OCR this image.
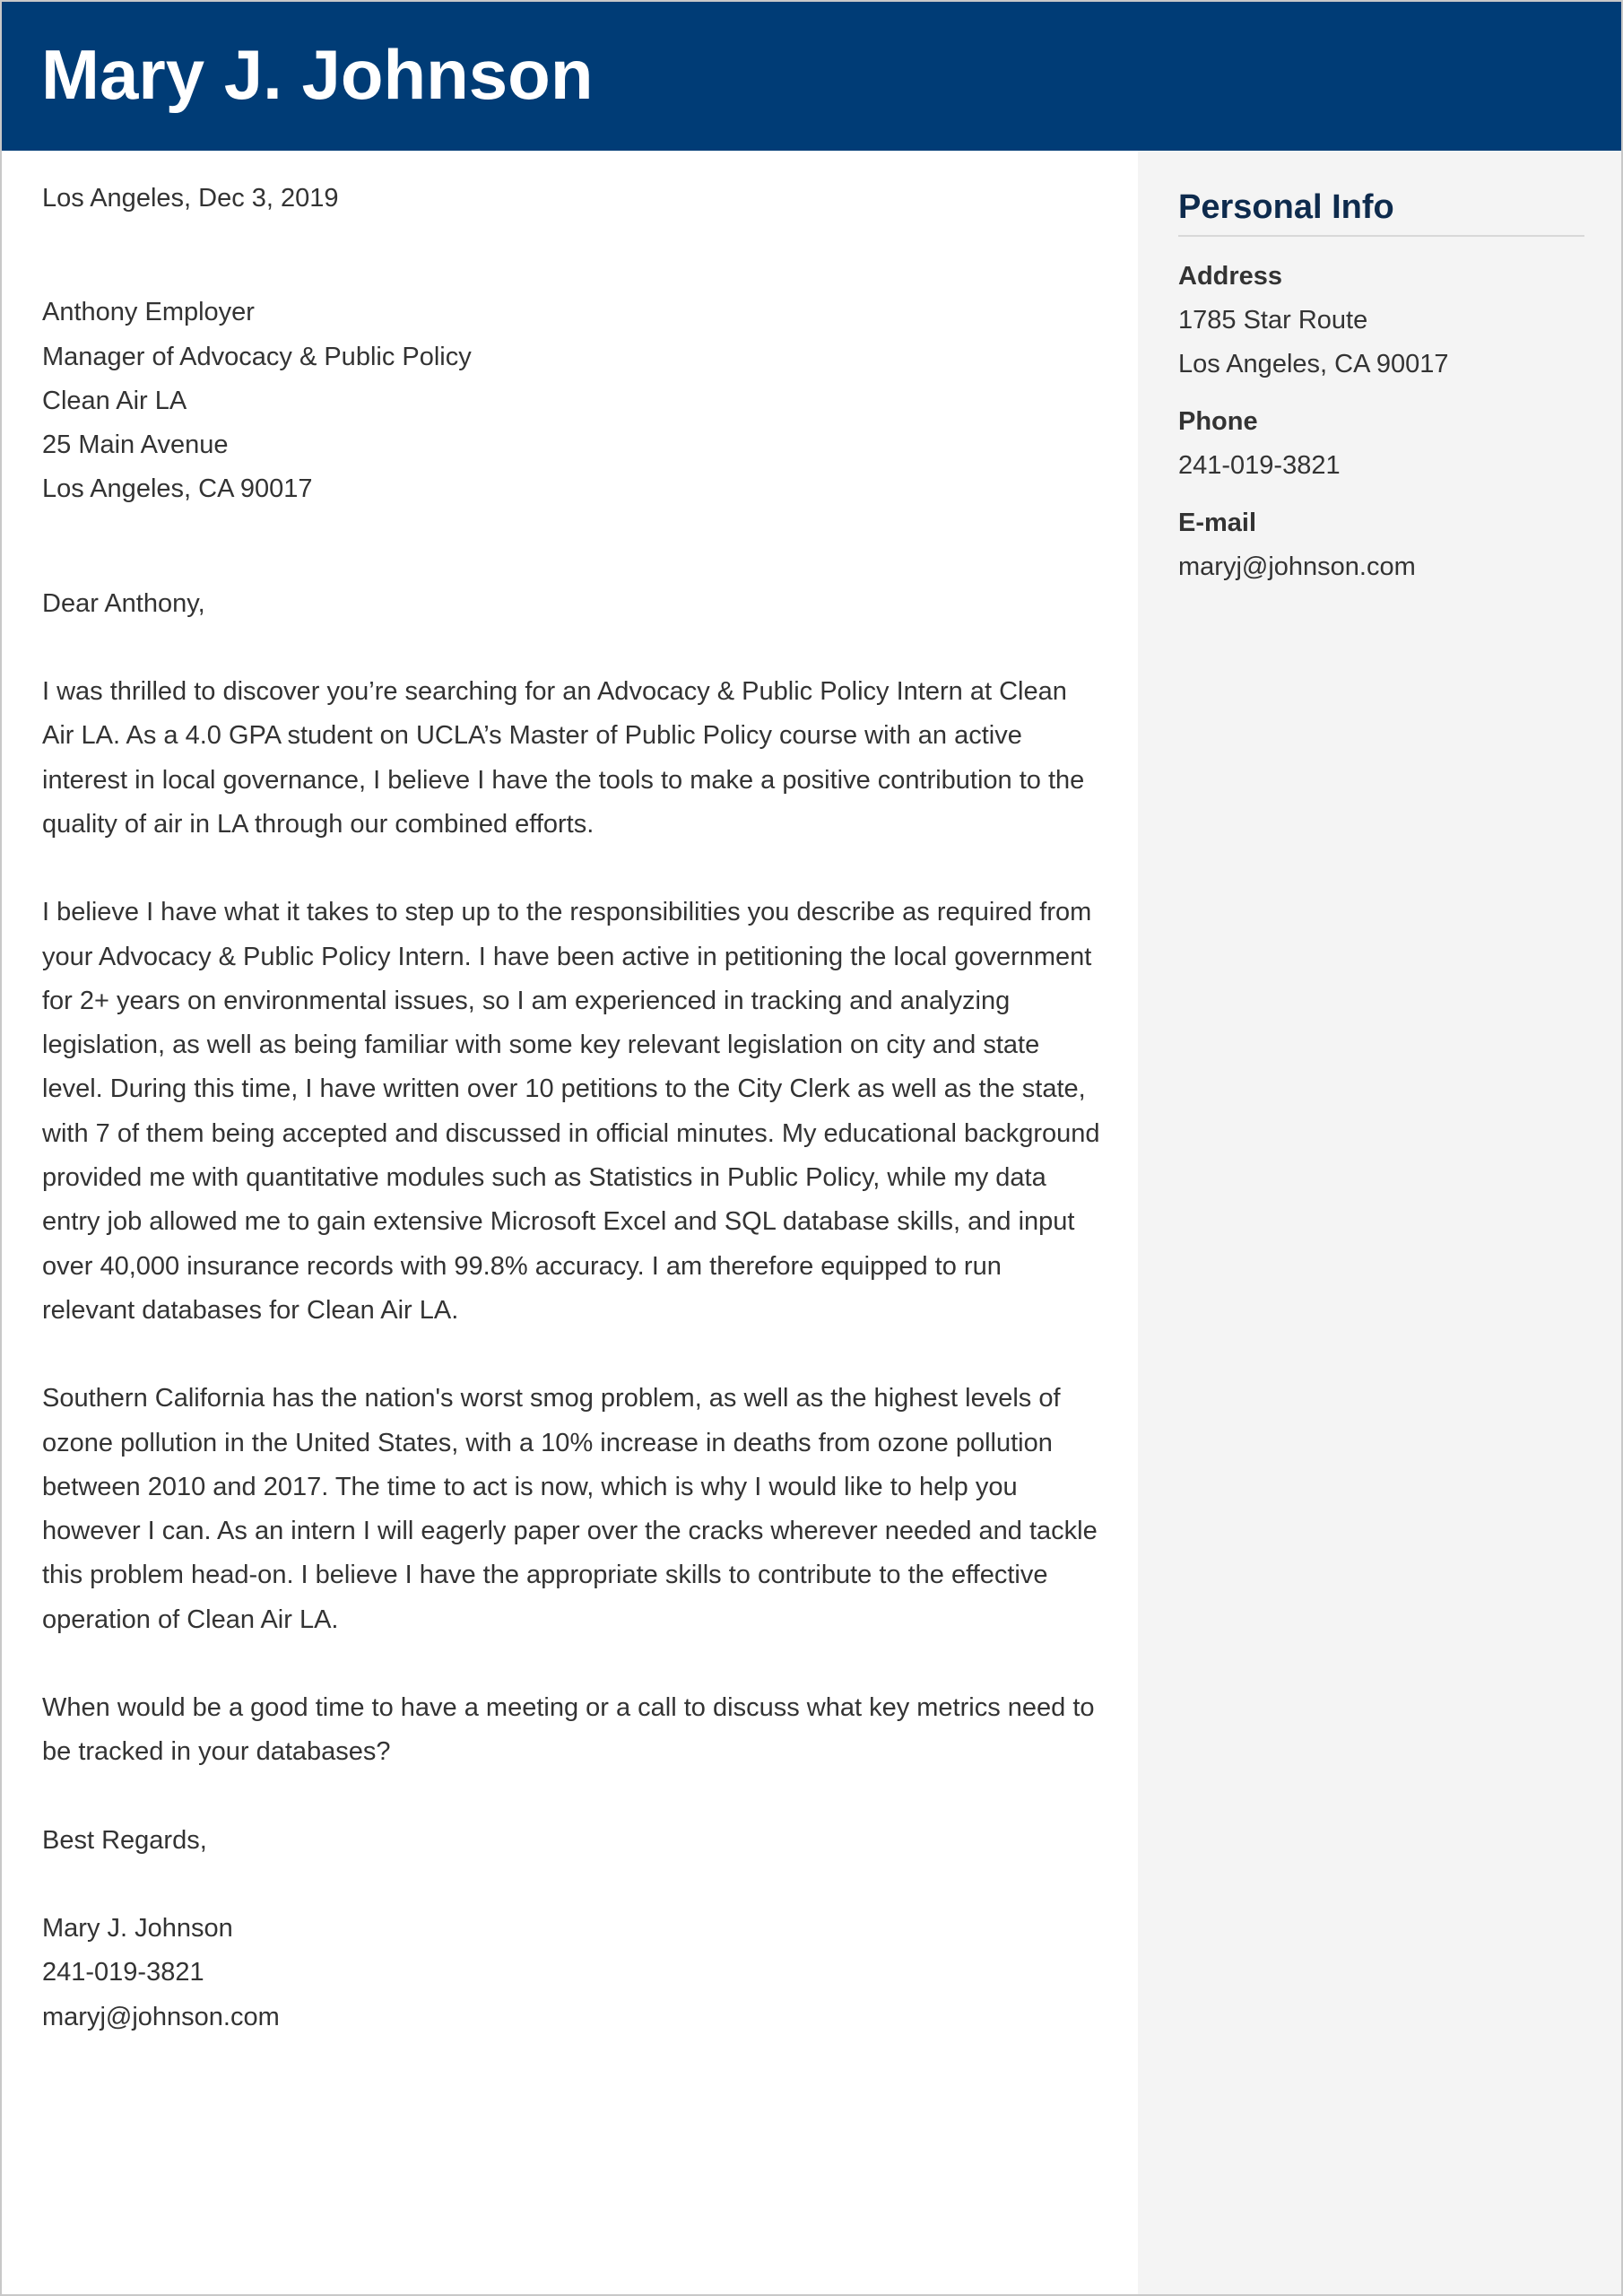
Mary J. Johnson

Los Angeles, Dec 3, 2019

Anthony Employer
Manager of Advocacy & Public Policy
Clean Air LA
25 Main Avenue
Los Angeles, CA 90017

Dear Anthony,

I was thrilled to discover you’re searching for an Advocacy & Public Policy Intern at Clean Air LA. As a 4.0 GPA student on UCLA’s Master of Public Policy course with an active interest in local governance, I believe I have the tools to make a positive contribution to the quality of air in LA through our combined efforts.

I believe I have what it takes to step up to the responsibilities you describe as required from your Advocacy & Public Policy Intern. I have been active in petitioning the local government for 2+ years on environmental issues, so I am experienced in tracking and analyzing legislation, as well as being familiar with some key relevant legislation on city and state level. During this time, I have written over 10 petitions to the City Clerk as well as the state, with 7 of them being accepted and discussed in official minutes. My educational background provided me with quantitative modules such as Statistics in Public Policy, while my data entry job allowed me to gain extensive Microsoft Excel and SQL database skills, and input over 40,000 insurance records with 99.8% accuracy. I am therefore equipped to run relevant databases for Clean Air LA.

Southern California has the nation's worst smog problem, as well as the highest levels of ozone pollution in the United States, with a 10% increase in deaths from ozone pollution between 2010 and 2017. The time to act is now, which is why I would like to help you however I can. As an intern I will eagerly paper over the cracks wherever needed and tackle this problem head-on. I believe I have the appropriate skills to contribute to the effective operation of Clean Air LA.

When would be a good time to have a meeting or a call to discuss what key metrics need to be tracked in your databases?

Best Regards,

Mary J. Johnson
241-019-3821
maryj@johnson.com
Personal Info
Address
1785 Star Route
Los Angeles, CA 90017
Phone
241-019-3821
E-mail
maryj@johnson.com
